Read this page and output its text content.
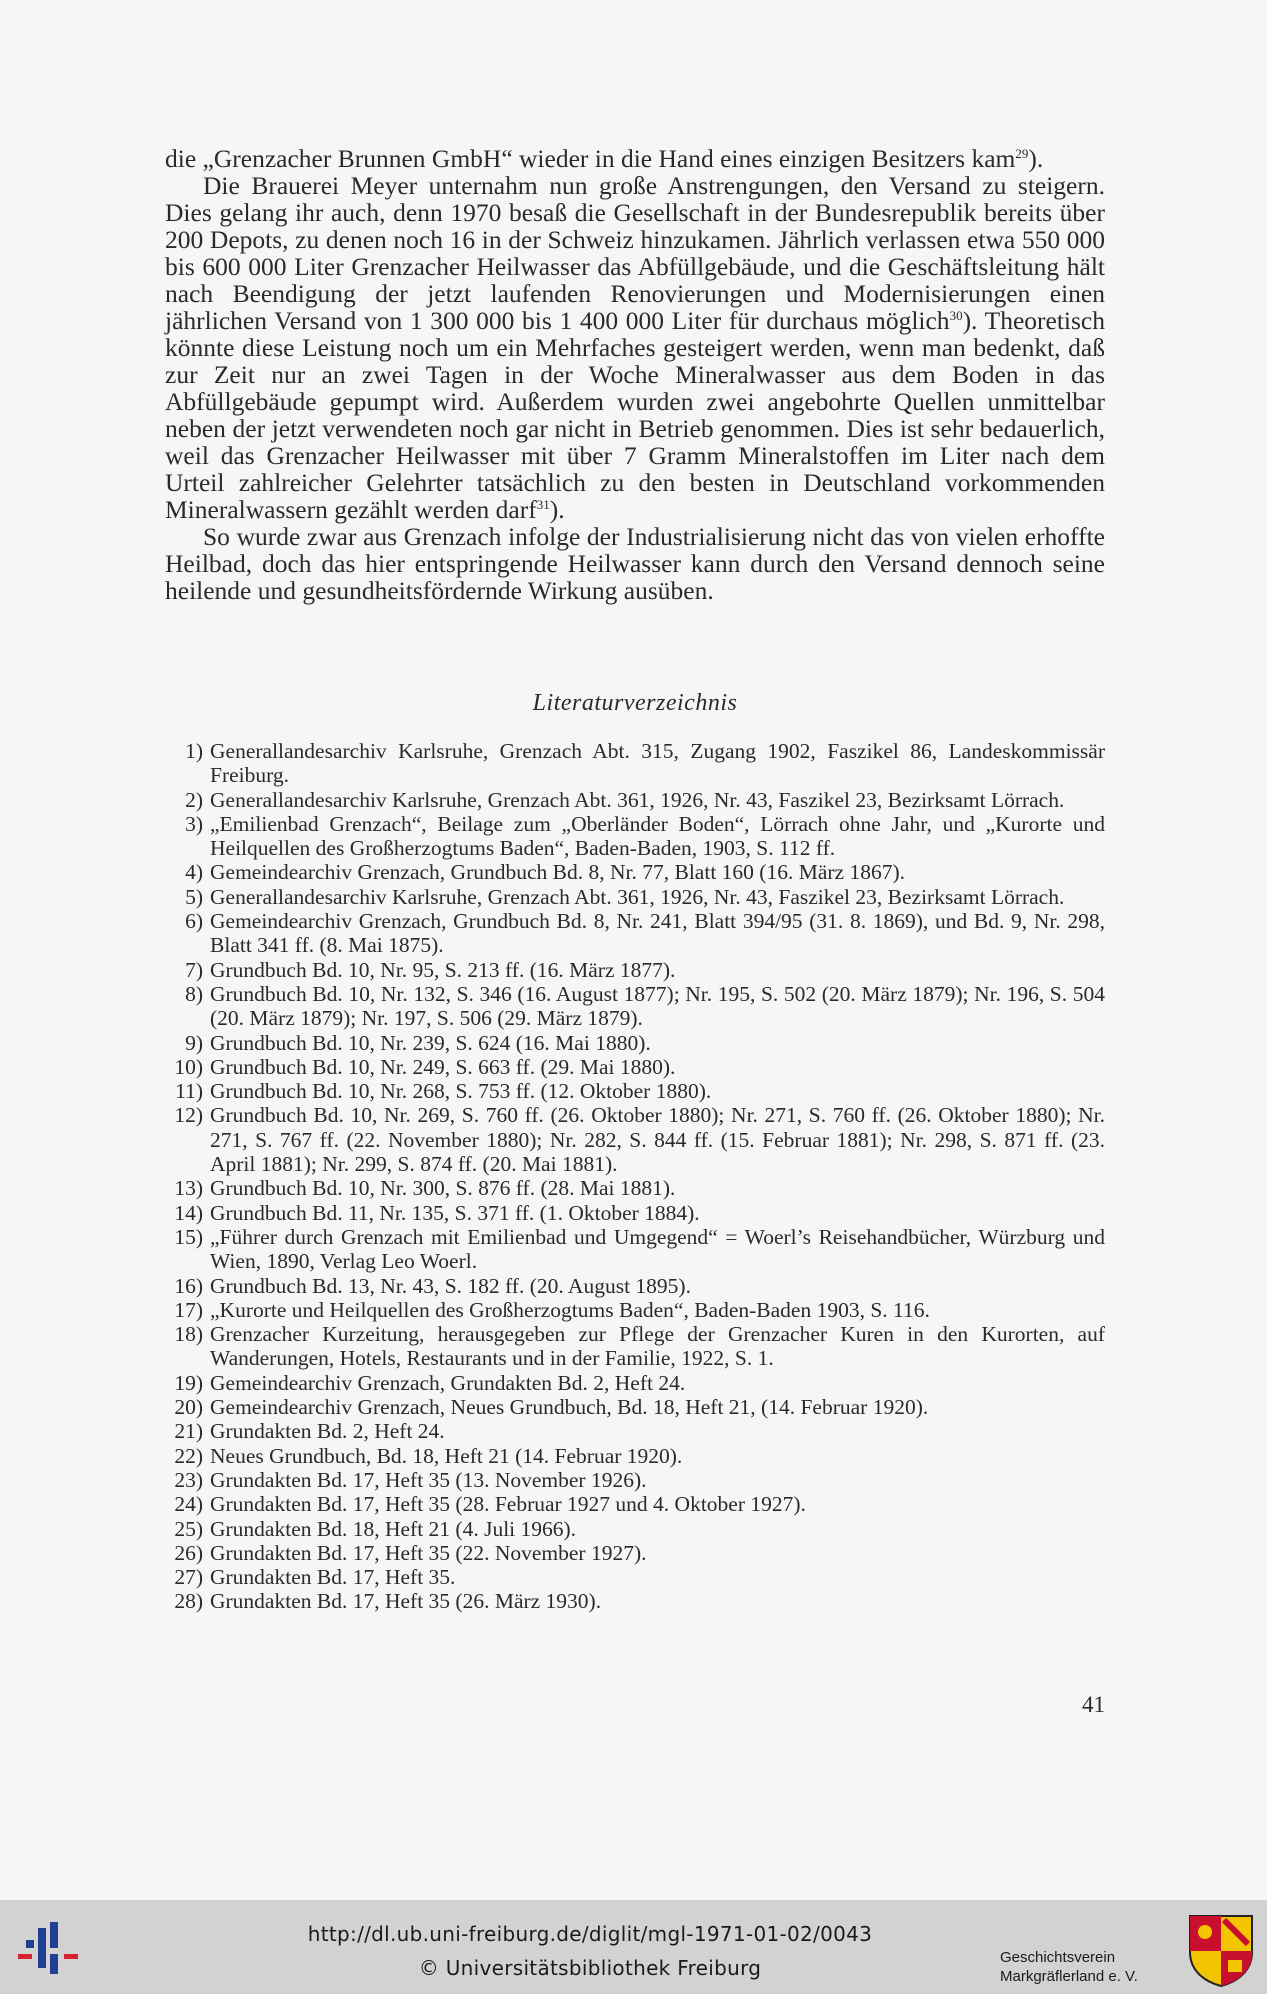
die „Grenzacher Brunnen GmbH“ wieder in die Hand eines einzigen Besitzers kam$^{29}$).

Die Brauerei Meyer unternahm nun große Anstrengungen, den Versand zu steigern. Dies gelang ihr auch, denn 1970 besaß die Gesellschaft in der Bundesrepublik bereits über 200 Depots, zu denen noch 16 in der Schweiz hinzukamen. Jährlich verlassen etwa 550 000 bis 600 000 Liter Grenzacher Heilwasser das Abfüllgebäude, und die Geschäftsleitung hält nach Beendigung der jetzt laufenden Renovierungen und Modernisierungen einen jährlichen Versand von 1 300 000 bis 1 400 000 Liter für durchaus möglich$^{30}$). Theoretisch könnte diese Leistung noch um ein Mehrfaches gesteigert werden, wenn man bedenkt, daß zur Zeit nur an zwei Tagen in der Woche Mineralwasser aus dem Boden in das Abfüllgebäude gepumpt wird. Außerdem wurden zwei angebohrte Quellen unmittelbar neben der jetzt verwendeten noch gar nicht in Betrieb genommen. Dies ist sehr bedauerlich, weil das Grenzacher Heilwasser mit über 7 Gramm Mineralstoffen im Liter nach dem Urteil zahlreicher Gelehrter tatsächlich zu den besten in Deutschland vorkommenden Mineralwassern gezählt werden darf$^{31}$).

So wurde zwar aus Grenzach infolge der Industrialisierung nicht das von vielen erhoffte Heilbad, doch das hier entspringende Heilwasser kann durch den Versand dennoch seine heilende und gesundheitsfördernde Wirkung ausüben.

Literaturverzeichnis
1) Generallandesarchiv Karlsruhe, Grenzach Abt. 315, Zugang 1902, Faszikel 86, Landeskommissär Freiburg.
2) Generallandesarchiv Karlsruhe, Grenzach Abt. 361, 1926, Nr. 43, Faszikel 23, Bezirksamt Lörrach.
3) „Emilienbad Grenzach“, Beilage zum „Oberländer Boden“, Lörrach ohne Jahr, und „Kurorte und Heilquellen des Großherzogtums Baden“, Baden-Baden, 1903, S. 112 ff.
4) Gemeindearchiv Grenzach, Grundbuch Bd. 8, Nr. 77, Blatt 160 (16. März 1867).
5) Generallandesarchiv Karlsruhe, Grenzach Abt. 361, 1926, Nr. 43, Faszikel 23, Bezirksamt Lörrach.
6) Gemeindearchiv Grenzach, Grundbuch Bd. 8, Nr. 241, Blatt 394/95 (31. 8. 1869), und Bd. 9, Nr. 298, Blatt 341 ff. (8. Mai 1875).
7) Grundbuch Bd. 10, Nr. 95, S. 213 ff. (16. März 1877).
8) Grundbuch Bd. 10, Nr. 132, S. 346 (16. August 1877); Nr. 195, S. 502 (20. März 1879); Nr. 196, S. 504 (20. März 1879); Nr. 197, S. 506 (29. März 1879).
9) Grundbuch Bd. 10, Nr. 239, S. 624 (16. Mai 1880).
10) Grundbuch Bd. 10, Nr. 249, S. 663 ff. (29. Mai 1880).
11) Grundbuch Bd. 10, Nr. 268, S. 753 ff. (12. Oktober 1880).
12) Grundbuch Bd. 10, Nr. 269, S. 760 ff. (26. Oktober 1880); Nr. 271, S. 760 ff. (26. Oktober 1880); Nr. 271, S. 767 ff. (22. November 1880); Nr. 282, S. 844 ff. (15. Februar 1881); Nr. 298, S. 871 ff. (23. April 1881); Nr. 299, S. 874 ff. (20. Mai 1881).
13) Grundbuch Bd. 10, Nr. 300, S. 876 ff. (28. Mai 1881).
14) Grundbuch Bd. 11, Nr. 135, S. 371 ff. (1. Oktober 1884).
15) „Führer durch Grenzach mit Emilienbad und Umgegend“ = Woerl’s Reisehandbücher, Würzburg und Wien, 1890, Verlag Leo Woerl.
16) Grundbuch Bd. 13, Nr. 43, S. 182 ff. (20. August 1895).
17) „Kurorte und Heilquellen des Großherzogtums Baden“, Baden-Baden 1903, S. 116.
18) Grenzacher Kurzeitung, herausgegeben zur Pflege der Grenzacher Kuren in den Kurorten, auf Wanderungen, Hotels, Restaurants und in der Familie, 1922, S. 1.
19) Gemeindearchiv Grenzach, Grundakten Bd. 2, Heft 24.
20) Gemeindearchiv Grenzach, Neues Grundbuch, Bd. 18, Heft 21, (14. Februar 1920).
21) Grundakten Bd. 2, Heft 24.
22) Neues Grundbuch, Bd. 18, Heft 21 (14. Februar 1920).
23) Grundakten Bd. 17, Heft 35 (13. November 1926).
24) Grundakten Bd. 17, Heft 35 (28. Februar 1927 und 4. Oktober 1927).
25) Grundakten Bd. 18, Heft 21 (4. Juli 1966).
26) Grundakten Bd. 17, Heft 35 (22. November 1927).
27) Grundakten Bd. 17, Heft 35.
28) Grundakten Bd. 17, Heft 35 (26. März 1930).
41
http://dl.ub.uni-freiburg.de/diglit/mgl-1971-01-02/0043
© Universitätsbibliothek Freiburg	Geschichtsverein
Markgräflerland e. V.
